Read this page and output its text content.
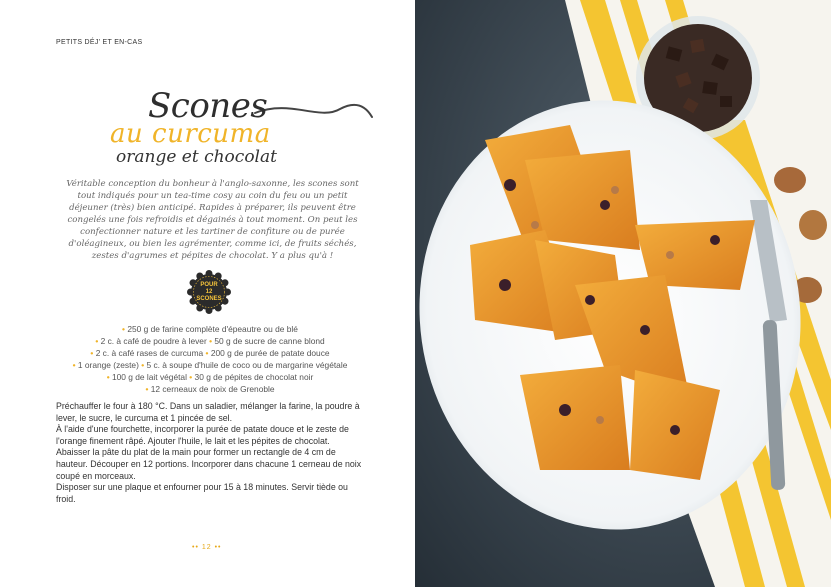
PETITS DÉJ' ET EN-CAS
Scones
au curcuma
orange et chocolat
Véritable conception du bonheur à l'anglo-saxonne, les scones sont tout indiqués pour un tea-time cosy au coin du feu ou un petit déjeuner (très) bien anticipé. Rapides à préparer, ils peuvent être congelés une fois refroidis et dégainés à tout moment. On peut les confectionner nature et les tartiner de confiture ou de purée d'oléagineux, ou bien les agrémenter, comme ici, de fruits séchés, zestes d'agrumes et pépites de chocolat. Y a plus qu'à !
POUR
12
SCONES
• 250 g de farine complète d'épeautre ou de blé
• 2 c. à café de poudre à lever • 50 g de sucre de canne blond
• 2 c. à café rases de curcuma • 200 g de purée de patate douce
• 1 orange (zeste) • 5 c. à soupe d'huile de coco ou de margarine végétale
• 100 g de lait végétal • 30 g de pépites de chocolat noir
• 12 cerneaux de noix de Grenoble

Préchauffer le four à 180 °C. Dans un saladier, mélanger la farine, la poudre à lever, le sucre, le curcuma et 1 pincée de sel.

À l'aide d'une fourchette, incorporer la purée de patate douce et le zeste de l'orange finement râpé. Ajouter l'huile, le lait et les pépites de chocolat.

Abaisser la pâte du plat de la main pour former un rectangle de 4 cm de hauteur. Découper en 12 portions. Incorporer dans chacune 1 cerneau de noix coupé en morceaux.

Disposer sur une plaque et enfourner pour 15 à 18 minutes. Servir tiède ou froid.

•• 12 ••
